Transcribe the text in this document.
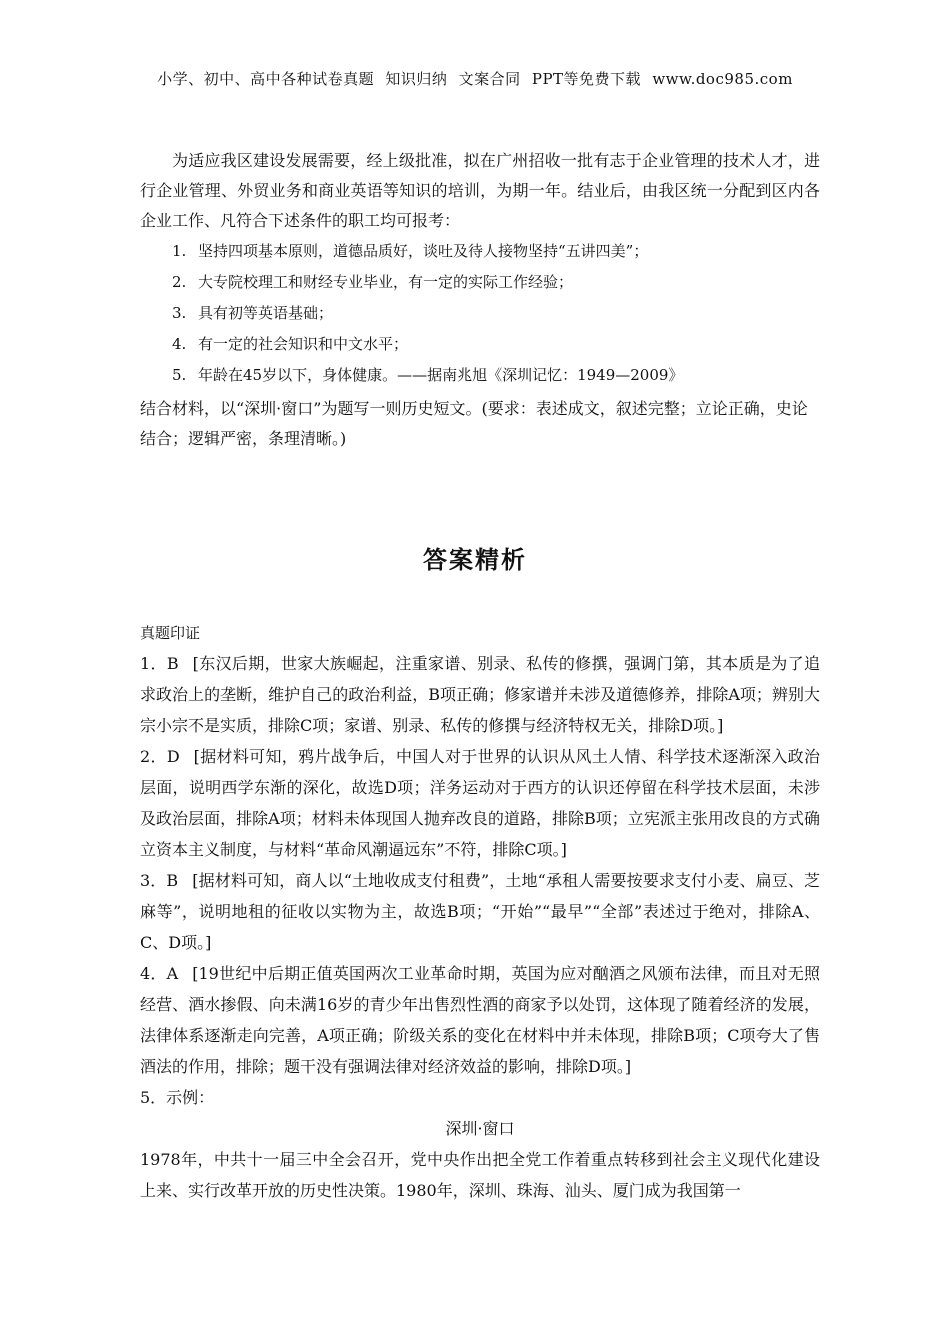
小学、初中、高中各种试卷真题 知识归纳 文案合同 PPT等免费下载 www.doc985.com

为适应我区建设发展需要，经上级批准，拟在广州招收一批有志于企业管理的技术人才，进行企业管理、外贸业务和商业英语等知识的培训，为期一年。结业后，由我区统一分配到区内各企业工作、凡符合下述条件的职工均可报考：

1. 坚持四项基本原则，道德品质好，谈吐及待人接物坚持“五讲四美”；

2. 大专院校理工和财经专业毕业，有一定的实际工作经验；

3. 具有初等英语基础；

4. 有一定的社会知识和中文水平；

5. 年龄在45岁以下，身体健康。——据南兆旭《深圳记忆：1949—2009》

结合材料，以“深圳·窗口”为题写一则历史短文。(要求：表述成文，叙述完整；立论正确，史论结合；逻辑严密，条理清晰。)

答案精析
真题印证

1．B [东汉后期，世家大族崛起，注重家谱、别录、私传的修撰，强调门第，其本质是为了追求政治上的垄断，维护自己的政治利益，B项正确；修家谱并未涉及道德修养，排除A项；辨别大宗小宗不是实质，排除C项；家谱、别录、私传的修撰与经济特权无关，排除D项。]

2．D [据材料可知，鸦片战争后，中国人对于世界的认识从风土人情、科学技术逐渐深入政治层面，说明西学东渐的深化，故选D项；洋务运动对于西方的认识还停留在科学技术层面，未涉及政治层面，排除A项；材料未体现国人抛弃改良的道路，排除B项；立宪派主张用改良的方式确立资本主义制度，与材料“革命风潮逼远东”不符，排除C项。]

3．B [据材料可知，商人以“土地收成支付租费”，土地“承租人需要按要求支付小麦、扁豆、芝麻等”，说明地租的征收以实物为主，故选B项；“开始”“最早”“全部”表述过于绝对，排除A、C、D项。]

4．A [19世纪中后期正值英国两次工业革命时期，英国为应对酗酒之风颁布法律，而且对无照经营、酒水掺假、向未满16岁的青少年出售烈性酒的商家予以处罚，这体现了随着经济的发展，法律体系逐渐走向完善，A项正确；阶级关系的变化在材料中并未体现，排除B项；C项夸大了售酒法的作用，排除；题干没有强调法律对经济效益的影响，排除D项。]

5．示例：

深圳·窗口

1978年，中共十一届三中全会召开，党中央作出把全党工作着重点转移到社会主义现代化建设上来、实行改革开放的历史性决策。1980年，深圳、珠海、汕头、厦门成为我国第一
